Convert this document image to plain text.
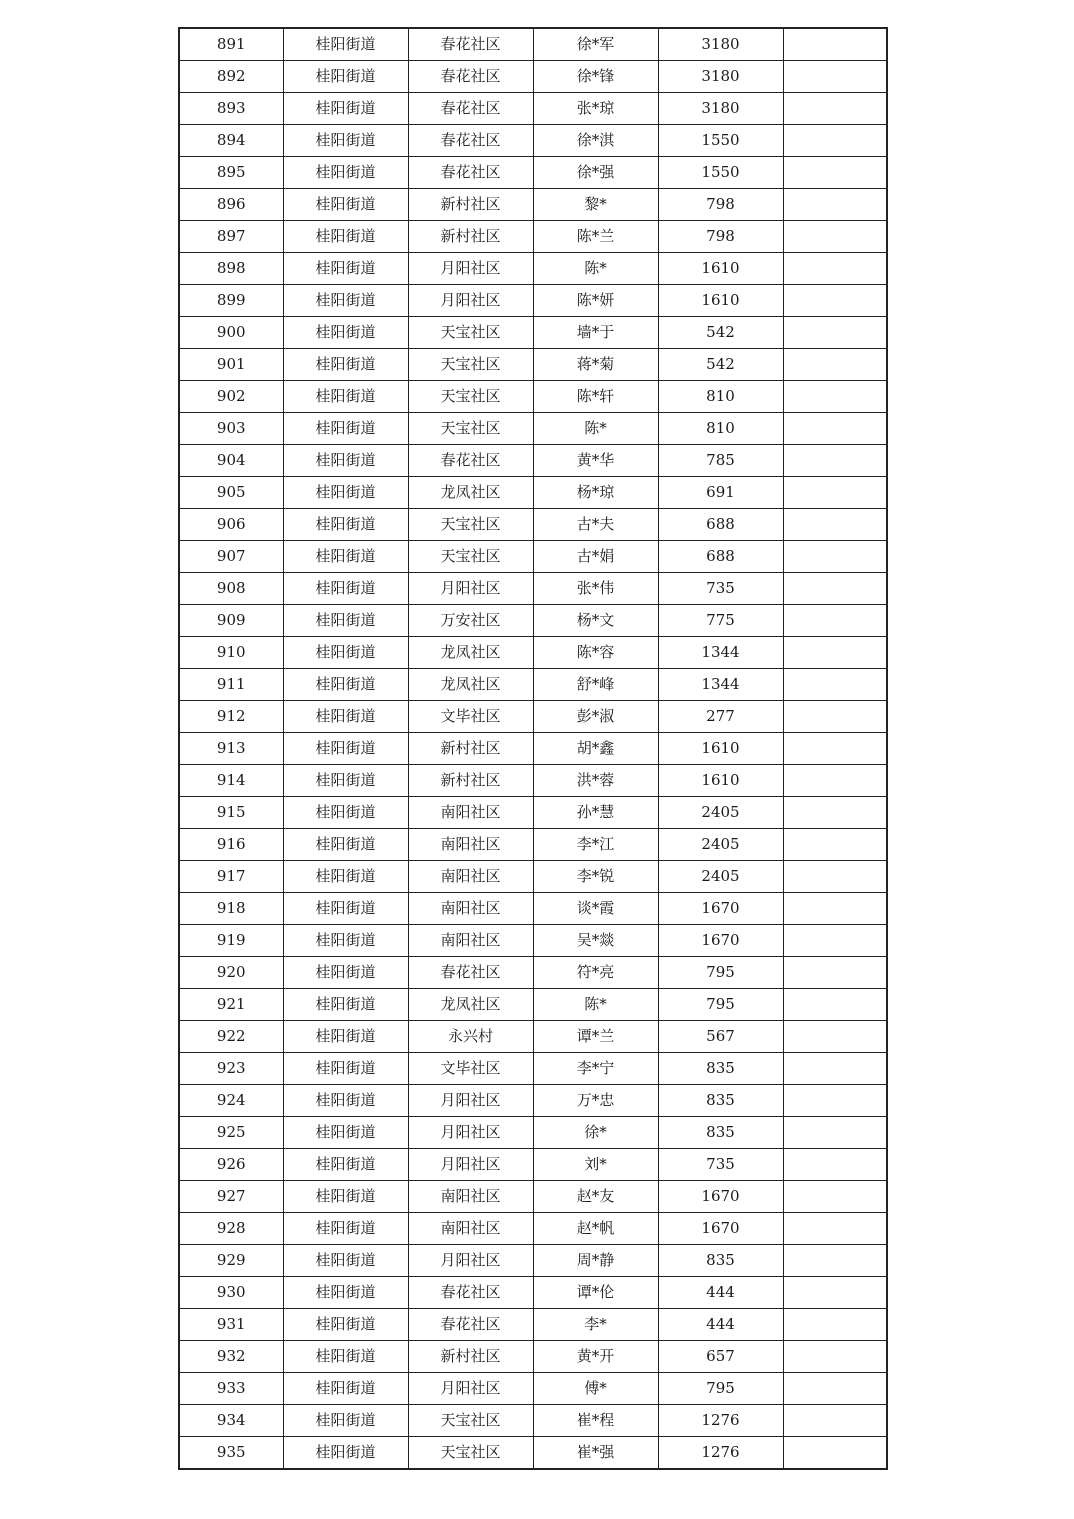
891	桂阳街道	春花社区	徐*军	3180	
892	桂阳街道	春花社区	徐*锋	3180	
893	桂阳街道	春花社区	张*琼	3180	
894	桂阳街道	春花社区	徐*淇	1550	
895	桂阳街道	春花社区	徐*强	1550	
896	桂阳街道	新村社区	黎*	798	
897	桂阳街道	新村社区	陈*兰	798	
898	桂阳街道	月阳社区	陈*	1610	
899	桂阳街道	月阳社区	陈*妍	1610	
900	桂阳街道	天宝社区	墙*于	542	
901	桂阳街道	天宝社区	蒋*菊	542	
902	桂阳街道	天宝社区	陈*轩	810	
903	桂阳街道	天宝社区	陈*	810	
904	桂阳街道	春花社区	黄*华	785	
905	桂阳街道	龙凤社区	杨*琼	691	
906	桂阳街道	天宝社区	古*夫	688	
907	桂阳街道	天宝社区	古*娟	688	
908	桂阳街道	月阳社区	张*伟	735	
909	桂阳街道	万安社区	杨*文	775	
910	桂阳街道	龙凤社区	陈*容	1344	
911	桂阳街道	龙凤社区	舒*峰	1344	
912	桂阳街道	文毕社区	彭*淑	277	
913	桂阳街道	新村社区	胡*鑫	1610	
914	桂阳街道	新村社区	洪*蓉	1610	
915	桂阳街道	南阳社区	孙*慧	2405	
916	桂阳街道	南阳社区	李*江	2405	
917	桂阳街道	南阳社区	李*锐	2405	
918	桂阳街道	南阳社区	谈*霞	1670	
919	桂阳街道	南阳社区	吴*燚	1670	
920	桂阳街道	春花社区	符*亮	795	
921	桂阳街道	龙凤社区	陈*	795	
922	桂阳街道	永兴村	谭*兰	567	
923	桂阳街道	文毕社区	李*宁	835	
924	桂阳街道	月阳社区	万*忠	835	
925	桂阳街道	月阳社区	徐*	835	
926	桂阳街道	月阳社区	刘*	735	
927	桂阳街道	南阳社区	赵*友	1670	
928	桂阳街道	南阳社区	赵*帆	1670	
929	桂阳街道	月阳社区	周*静	835	
930	桂阳街道	春花社区	谭*伦	444	
931	桂阳街道	春花社区	李*	444	
932	桂阳街道	新村社区	黄*开	657	
933	桂阳街道	月阳社区	傅*	795	
934	桂阳街道	天宝社区	崔*程	1276	
935	桂阳街道	天宝社区	崔*强	1276	
